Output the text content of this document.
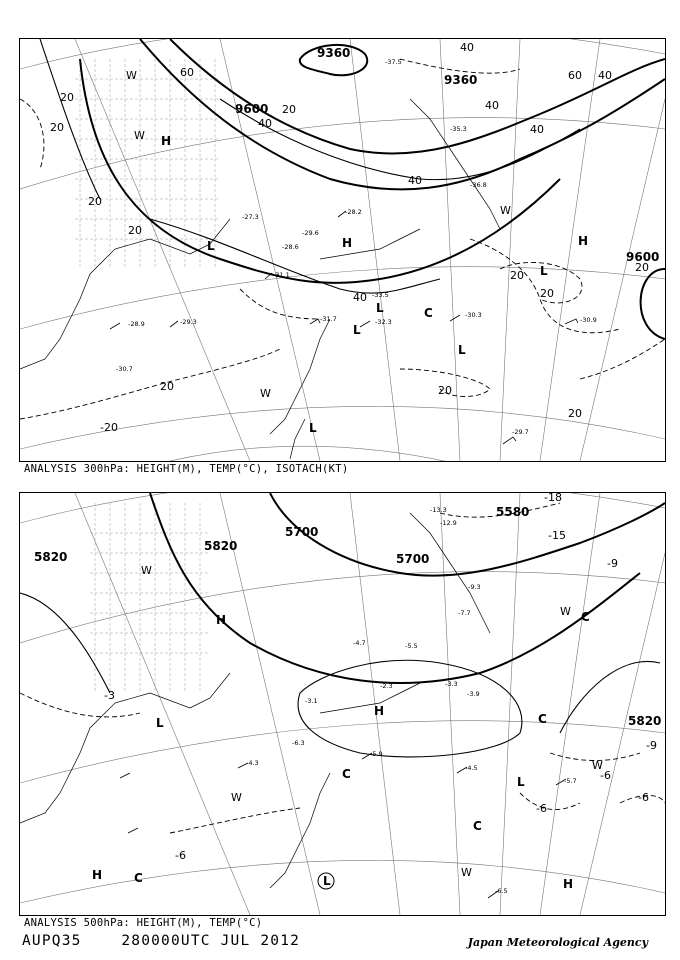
-29.7
-30.3
-30.9
-28.9	-29.3
-30.7
-31.7	-32.3
-33.5
-31.1
-37.5
-35.3
-36.8
-28.2
-27.3
-28.6
-29.6
9360
9360
9600
9600
20
20
20
20
20	20
20
20
20
20
40
40
40
40
40
40
40
60	60
20
-20
H
H	H
L
L
L
L
L
L	C
W
W
W
W
ANALYSIS 300hPa: HEIGHT(M), TEMP(°C), ISOTACH(KT)
-6.5
-5.7
-4.5
-5.9
-3.3
-3.9
-4.7	-5.5
-13.3
-12.9
-9.3
-7.7
-6.3
-2.3
-4.3
-3.1
5820
5820
5700
5700
5580
5820
-3
-6
-9
-15
-18
-6
-6
-9
-6
H
H
H
H
L
L
L
C
C
C
C
C
W
W
W
W
W
ANALYSIS 500hPa: HEIGHT(M), TEMP(°C)
AUPQ35	280000UTC JUL 2012	Japan Meteorological Agency
